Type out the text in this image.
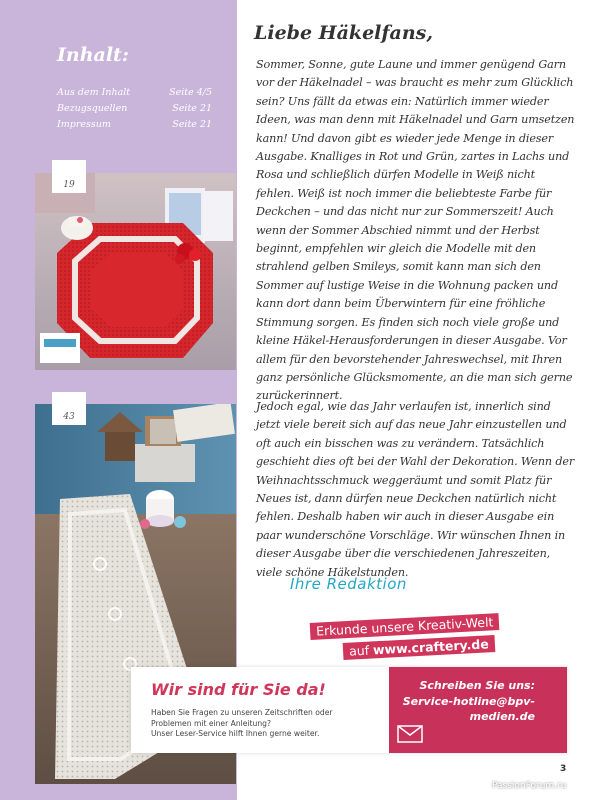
Inhalt:
Aus dem Inhalt	Seite 4/5
Bezugsquellen	Seite 21
Impressum	Seite 21
19
43
Liebe Häkelfans,

Sommer, Sonne, gute Laune und immer genügend Garn vor der Häkelnadel – was braucht es mehr zum Glücklich sein? Uns fällt da etwas ein: Natürlich immer wieder Ideen, was man denn mit Häkelnadel und Garn umsetzen kann! Und davon gibt es wieder jede Menge in dieser Ausgabe. Knalliges in Rot und Grün, zartes in Lachs und Rosa und schließlich dürfen Modelle in Weiß nicht fehlen. Weiß ist noch immer die beliebteste Farbe für Deckchen – und das nicht nur zur Sommerszeit! Auch wenn der Sommer Abschied nimmt und der Herbst beginnt, empfehlen wir gleich die Modelle mit den strahlend gelben Smileys, somit kann man sich den Sommer auf lustige Weise in die Wohnung packen und kann dort dann beim Überwintern für eine fröhliche Stimmung sorgen. Es finden sich noch viele große und kleine Häkel-Herausforderungen in dieser Ausgabe. Vor allem für den bevorstehender Jahreswechsel, mit Ihren ganz persönliche Glücksmomente, an die man sich gerne zurückerinnert.

Jedoch egal, wie das Jahr verlaufen ist, innerlich sind jetzt viele bereit sich auf das neue Jahr einzustellen und oft auch ein bisschen was zu verändern. Tatsächlich geschieht dies oft bei der Wahl der Dekoration. Wenn der Weihnachtsschmuck weggeräumt und somit Platz für Neues ist, dann dürfen neue Deckchen natürlich nicht fehlen. Deshalb haben wir auch in dieser Ausgabe ein paar wunderschöne Vorschläge. Wir wünschen Ihnen in dieser Ausgabe über die verschiedenen Jahreszeiten, viele schöne Häkelstunden.

Ihre Redaktion
Erkunde unsere Kreativ-Welt
auf www.craftery.de
Wir sind für Sie da!
Haben Sie Fragen zu unseren Zeitschriften oder
Problemen mit einer Anleitung?
Unser Leser-Service hilft Ihnen gerne weiter.
Schreiben Sie uns:
Service-hotline@bpv-
medien.de
3
PassionForum.ru
